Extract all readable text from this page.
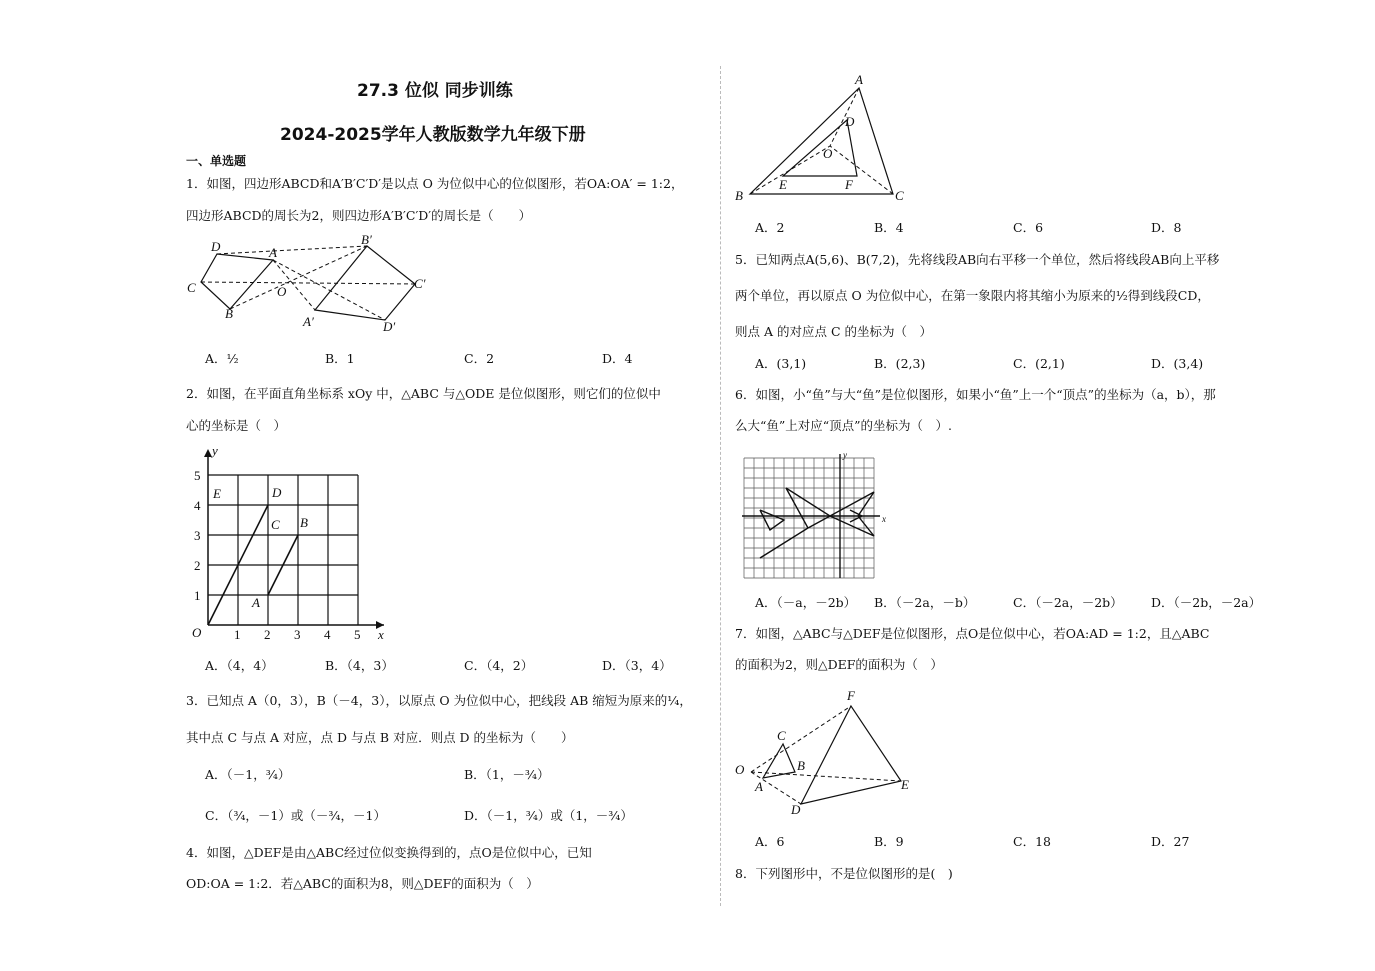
27.3 位似 同步训练
2024-2025学年人教版数学九年级下册
一、单选题
1．如图，四边形ABCD和A′B′C′D′是以点 O 为位似中心的位似图形，若OA:OA′ = 1:2，
四边形ABCD的周长为2，则四边形A′B′C′D′的周长是（　　）
D	A
B′
C	O
C′
B
A′	D′
A．½	B．1	C．2	D．4
2．如图，在平面直角坐标系 xOy 中，△ABC 与△ODE 是位似图形，则它们的位似中
心的坐标是（　）
y
x
O	1 2 3 4 5
1
2
3
4
5
E	D
C B
A
A．（4，4）	B．（4，3）	C．（4，2）	D．（3，4）
3．已知点 A（0，3），B（－4，3），以原点 O 为位似中心，把线段 AB 缩短为原来的¼，
其中点 C 与点 A 对应，点 D 与点 B 对应．则点 D 的坐标为（　　）
A．（－1，¾）	B．（1，－¾）
C．（¾，－1）或（－¾，－1）	D．（－1，¾）或（1，－¾）
4．如图，△DEF是由△ABC经过位似变换得到的，点O是位似中心，已知
OD:OA = 1:2．若△ABC的面积为8，则△DEF的面积为（　）
A
D
O
B
E	F
C
A．2	B．4	C．6	D．8
5．已知两点A(5,6)、B(7,2)，先将线段AB向右平移一个单位，然后将线段AB向上平移
两个单位，再以原点 O 为位似中心，在第一象限内将其缩小为原来的½得到线段CD，
则点 A 的对应点 C 的坐标为（　）
A．(3,1)	B．(2,3)	C．(2,1)	D．(3,4)
6．如图，小“鱼”与大“鱼”是位似图形，如果小“鱼”上一个“顶点”的坐标为（a，b），那
么大“鱼”上对应“顶点”的坐标为（　）.
y
x
A．（－a，－2b） B．（－2a，－b）	C．（－2a，－2b） D．（－2b，－2a）
7．如图，△ABC与△DEF是位似图形，点O是位似中心，若OA:AD = 1:2，且△ABC
的面积为2，则△DEF的面积为（　）
F
C
O	B
A	E
D
A．6	B．9	C．18	D．27
8．下列图形中，不是位似图形的是(　)
